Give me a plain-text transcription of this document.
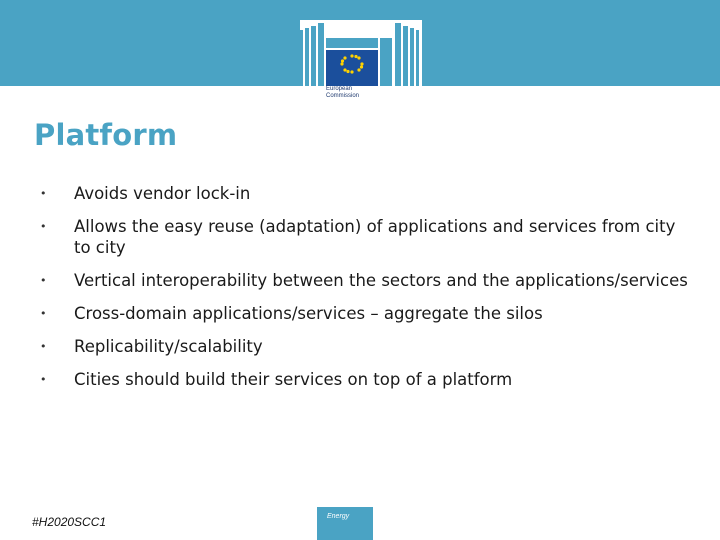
European
Commission
Platform
• Avoids vendor lock-in
• Allows the easy reuse (adaptation) of applications and services from city to city
• Vertical interoperability between the sectors and the applications/services
• Cross-domain applications/services – aggregate the silos
• Replicability/scalability
• Cities should build their services on top of a platform
#H2020SCC1	Energy
